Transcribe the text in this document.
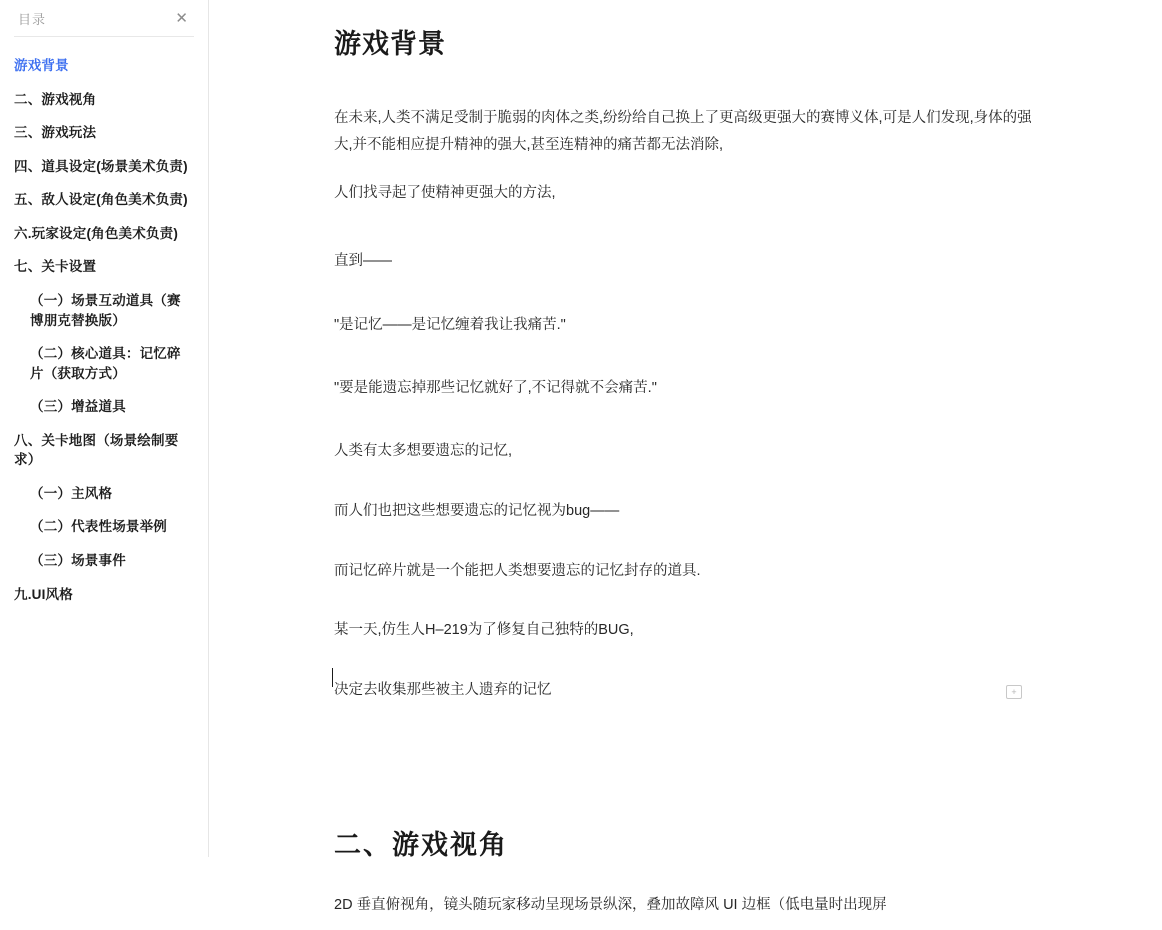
目录	✕
游戏背景
二、游戏视角
三、游戏玩法
四、道具设定(场景美术负责)
五、敌人设定(角色美术负责)
六.玩家设定(角色美术负责)
七、关卡设置
（一）场景互动道具（赛博朋克替换版）
（二）核心道具：记忆碎片（获取方式）
（三）增益道具
八、关卡地图（场景绘制要求）
（一）主风格
（二）代表性场景举例
（三）场景事件
九.UI风格
游戏背景

在未来,人类不满足受制于脆弱的肉体之类,纷纷给自己换上了更高级更强大的赛博义体,可是人们发现,身体的强大,并不能相应提升精神的强大,甚至连精神的痛苦都无法消除,

人们找寻起了使精神更强大的方法,

直到——

"是记忆——是记忆缠着我让我痛苦."

"要是能遗忘掉那些记忆就好了,不记得就不会痛苦."

人类有太多想要遗忘的记忆,

而人们也把这些想要遗忘的记忆视为bug——

而记忆碎片就是一个能把人类想要遗忘的记忆封存的道具.

某一天,仿生人H–219为了修复自己独特的BUG,

决定去收集那些被主人遗弃的记忆	+
二、游戏视角

2D 垂直俯视角，镜头随玩家移动呈现场景纵深，叠加故障风 UI 边框（低电量时出现屏
